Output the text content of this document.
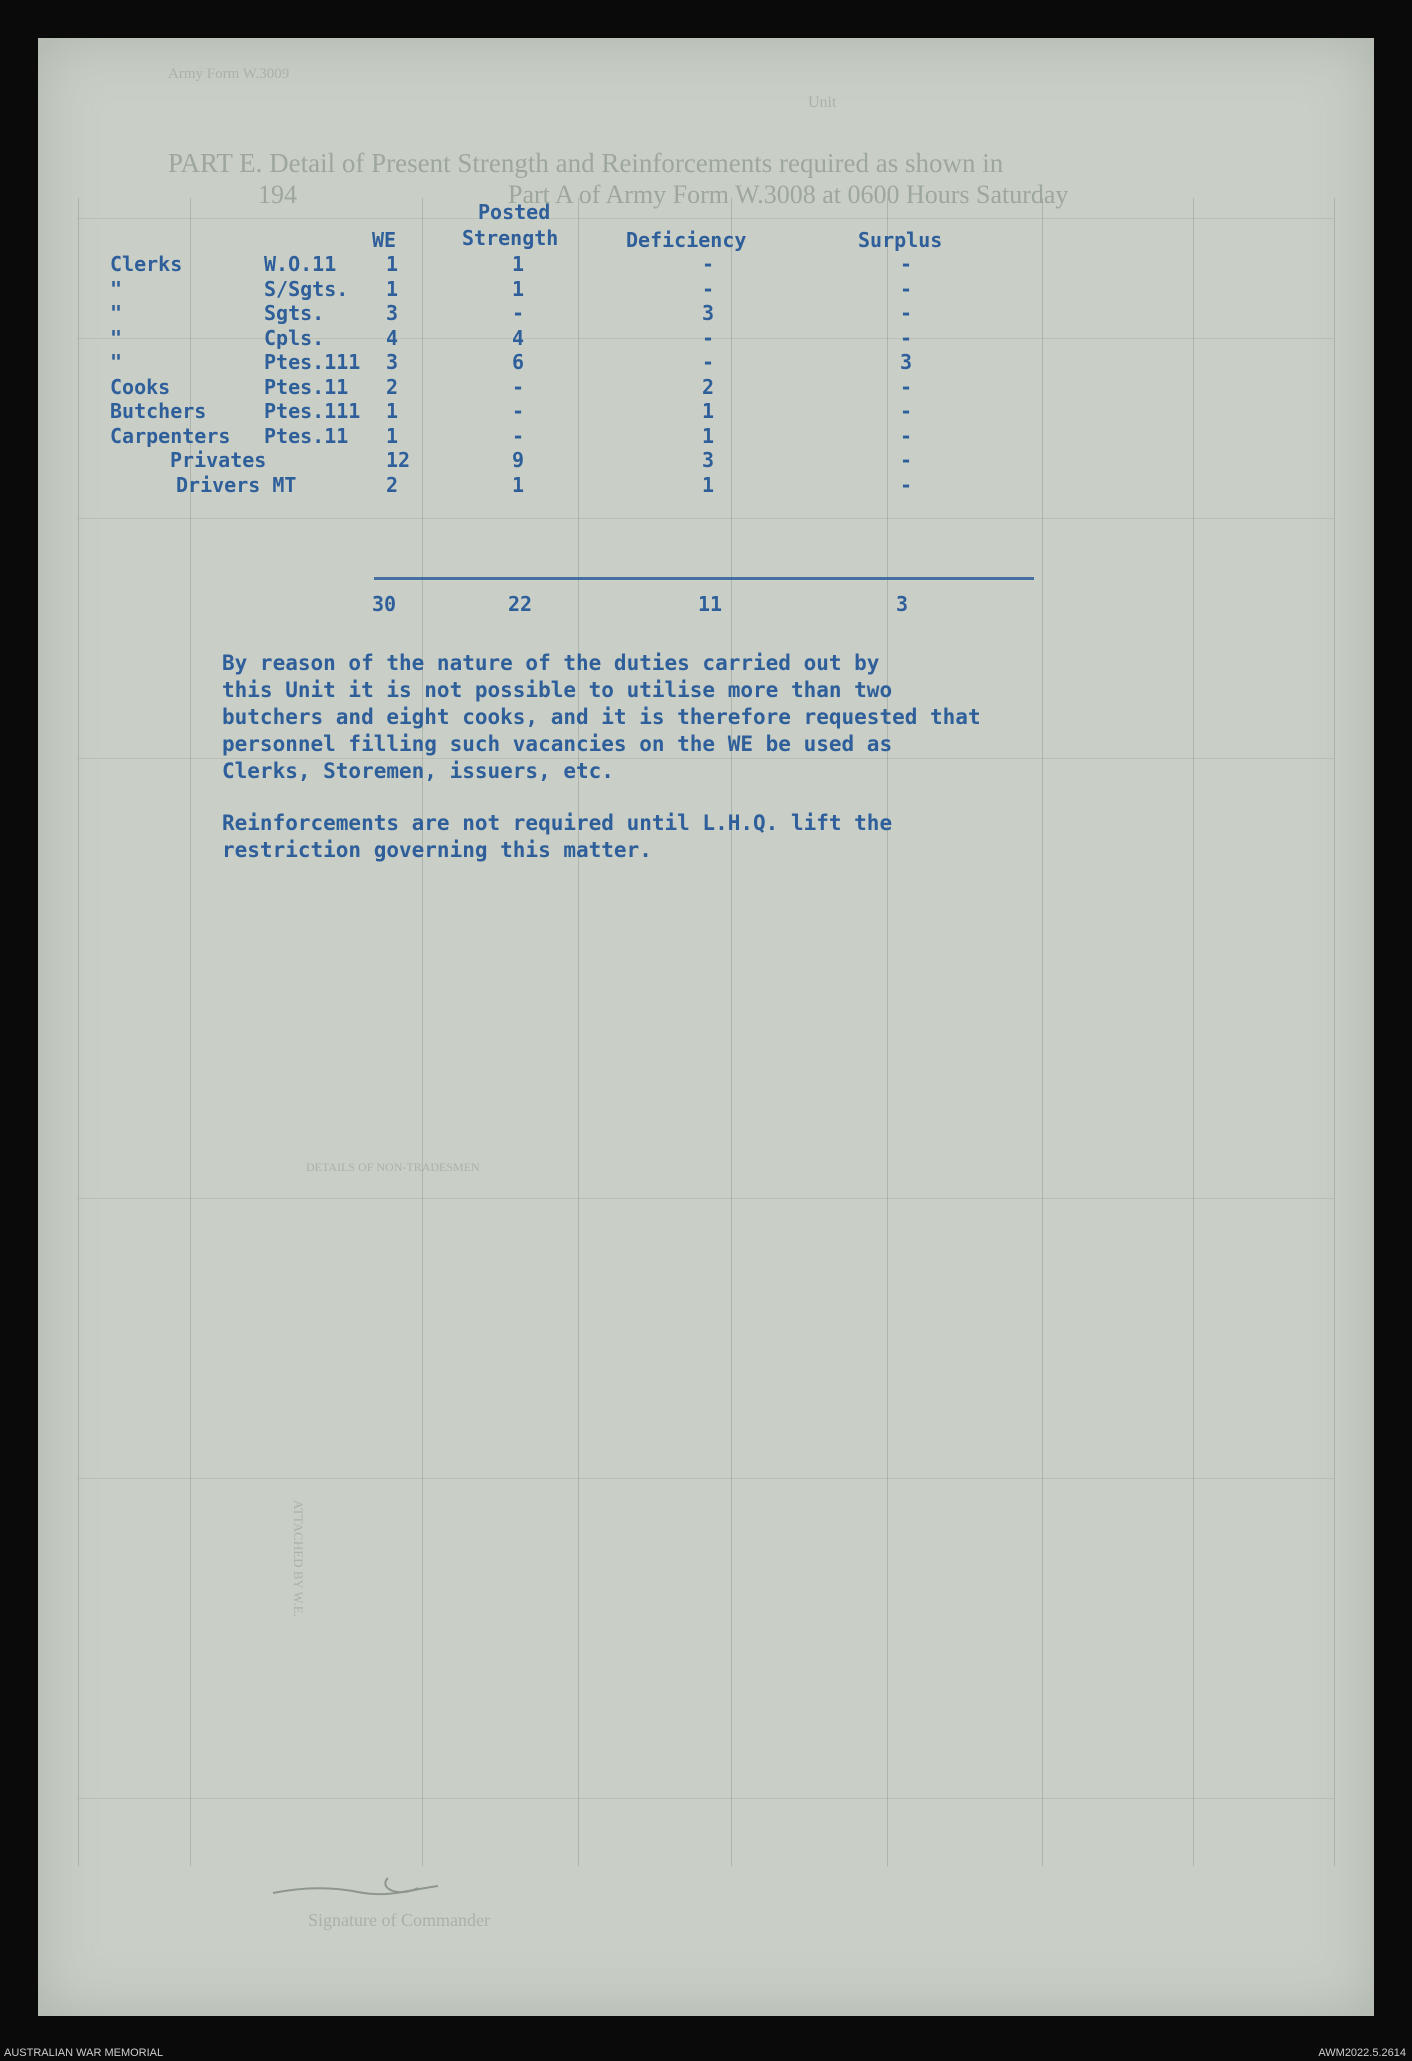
Army Form W.3009
Unit
PART E. Detail of Present Strength and Reinforcements required as shown in
Part A of Army Form W.3008 at 0600 Hours Saturday
194
DETAILS OF NON-TRADESMEN
ATTACHED BY W.E.
Signature of Commander
WE
Posted
Strength	Deficiency	Surplus
Clerks	W.O.11 1	1	-	-
"	S/Sgts. 1	1	-	-
"	Sgts.	3	-	3	-
"	Cpls.	4	4	-	-
"	Ptes.111 3	6	-	3
Cooks	Ptes.11 2	-	2	-
Butchers	Ptes.111 1	-	1	-
Carpenters Ptes.11 1	-	1	-
Privates	12	9	3	-
Drivers MT	2	1	1	-
30	22	11	3
By reason of the nature of the duties carried out by
this Unit it is not possible to utilise more than two
butchers and eight cooks, and it is therefore requested that
personnel filling such vacancies on the WE be used as
Clerks, Storemen, issuers, etc.
Reinforcements are not required until L.H.Q. lift the
restriction governing this matter.
AUSTRALIAN WAR MEMORIAL	AWM2022.5.2614
